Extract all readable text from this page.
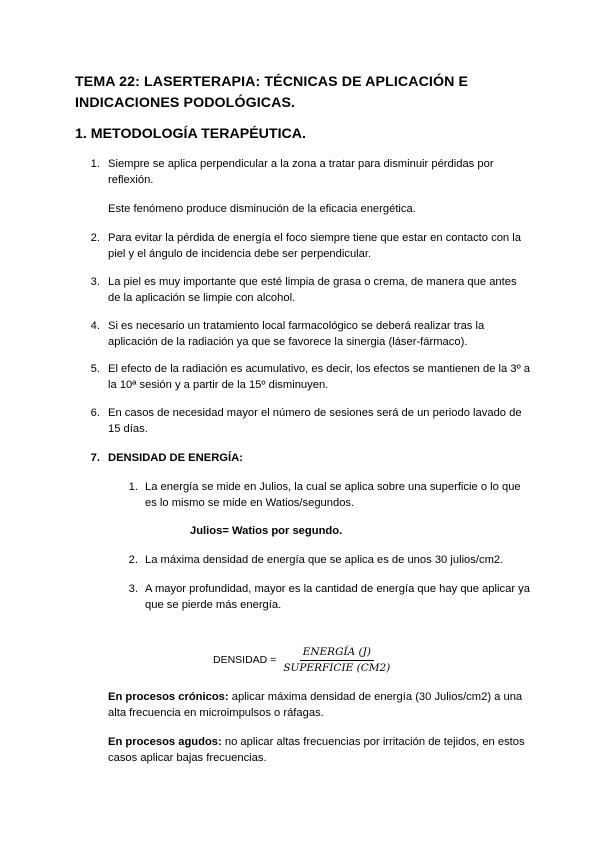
TEMA 22: LASERTERAPIA: TÉCNICAS DE APLICACIÓN E
INDICACIONES PODOLÓGICAS.
1. METODOLOGÍA TERAPÉUTICA.
1. Siempre se aplica perpendicular a la zona a tratar para disminuir pérdidas por
reflexión.
Este fenómeno produce disminución de la eficacia energética.
2. Para evitar la pérdida de energía el foco siempre tiene que estar en contacto con la
piel y el ángulo de incidencia debe ser perpendicular.
3. La piel es muy importante que esté limpia de grasa o crema, de manera que antes
de la aplicación se limpie con alcohol.
4. Si es necesario un tratamiento local farmacológico se deberá realizar tras la
aplicación de la radiación ya que se favorece la sinergia (láser-fármaco).
5. El efecto de la radiación es acumulativo, es decir, los efectos se mantienen de la 3º a
la 10ª sesión y a partir de la 15º disminuyen.
6. En casos de necesidad mayor el número de sesiones será de un periodo lavado de
15 días.
7. DENSIDAD DE ENERGÍA:
1. La energía se mide en Julios, la cual se aplica sobre una superficie o lo que
es lo mismo se mide en Watios/segundos.
Julios= Watios por segundo.
2. La máxima densidad de energía que se aplica es de unos 30 julios/cm2.
3. A mayor profundidad, mayor es la cantidad de energía que hay que aplicar ya
que se pierde más energía.
DENSIDAD = $\frac{\text{ENERGÍA (J)}}{\text{SUPERFICIE (CM2)}}$
En procesos crónicos: aplicar máxima densidad de energía (30 Julios/cm2) a una
alta frecuencia en microimpulsos o ráfagas.
En procesos agudos: no aplicar altas frecuencias por irritación de tejidos, en estos
casos aplicar bajas frecuencias.
